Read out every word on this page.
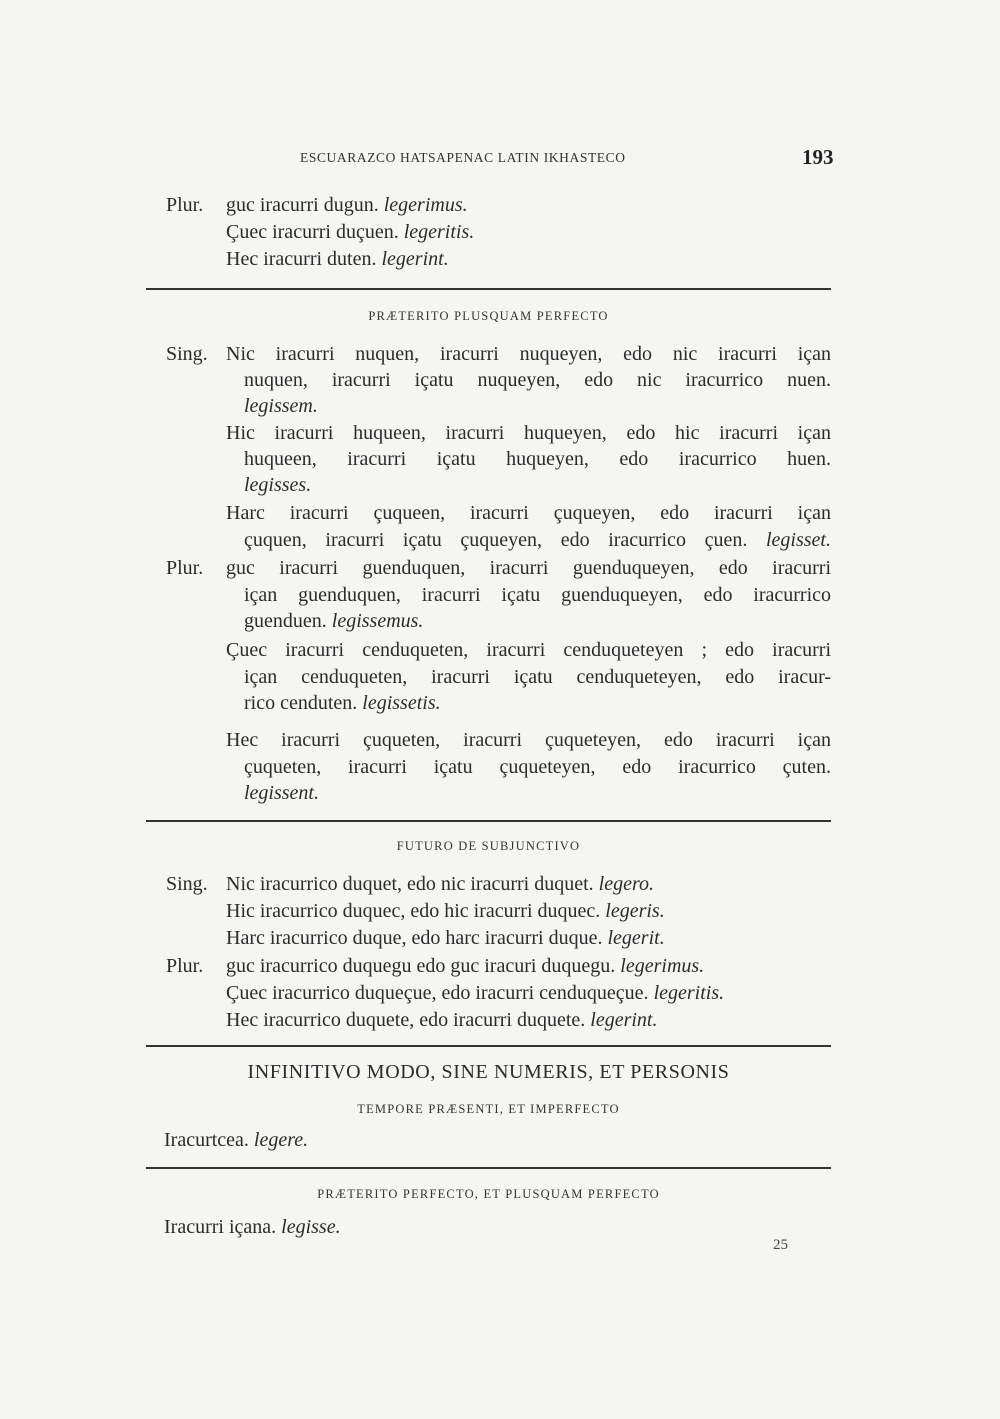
ESCUARAZCO HATSAPENAC LATIN IKHASTECO	193
Plur. guc iracurri dugun. legerimus.
Çuec iracurri duçuen. legeritis.
Hec iracurri duten. legerint.
PRÆTERITO PLUSQUAM PERFECTO
Sing. Nic iracurri nuquen, iracurri nuqueyen, edo nic iracurri içan
nuquen, iracurri içatu nuqueyen, edo nic iracurrico nuen.
legissem.
Hic iracurri huqueen, iracurri huqueyen, edo hic iracurri içan
huqueen, iracurri içatu huqueyen, edo iracurrico huen.
legisses.
Harc iracurri çuqueen, iracurri çuqueyen, edo iracurri içan
çuquen, iracurri içatu çuqueyen, edo iracurrico çuen. legisset.
Plur. guc iracurri guenduquen, iracurri guenduqueyen, edo iracurri
içan guenduquen, iracurri içatu guenduqueyen, edo iracurrico
guenduen. legissemus.
Çuec iracurri cenduqueten, iracurri cenduqueteyen ; edo iracurri
içan cenduqueten, iracurri içatu cenduqueteyen, edo iracur-
rico cenduten. legissetis.
Hec iracurri çuqueten, iracurri çuqueteyen, edo iracurri içan
çuqueten, iracurri içatu çuqueteyen, edo iracurrico çuten.
legissent.
FUTURO DE SUBJUNCTIVO
Sing. Nic iracurrico duquet, edo nic iracurri duquet. legero.
Hic iracurrico duquec, edo hic iracurri duquec. legeris.
Harc iracurrico duque, edo harc iracurri duque. legerit.
Plur. guc iracurrico duquegu edo guc iracuri duquegu. legerimus.
Çuec iracurrico duqueçue, edo iracurri cenduqueçue. legeritis.
Hec iracurrico duquete, edo iracurri duquete. legerint.
INFINITIVO MODO, SINE NUMERIS, ET PERSONIS
TEMPORE PRÆSENTI, ET IMPERFECTO
Iracurtcea. legere.
PRÆTERITO PERFECTO, ET PLUSQUAM PERFECTO
Iracurri içana. legisse.
25
